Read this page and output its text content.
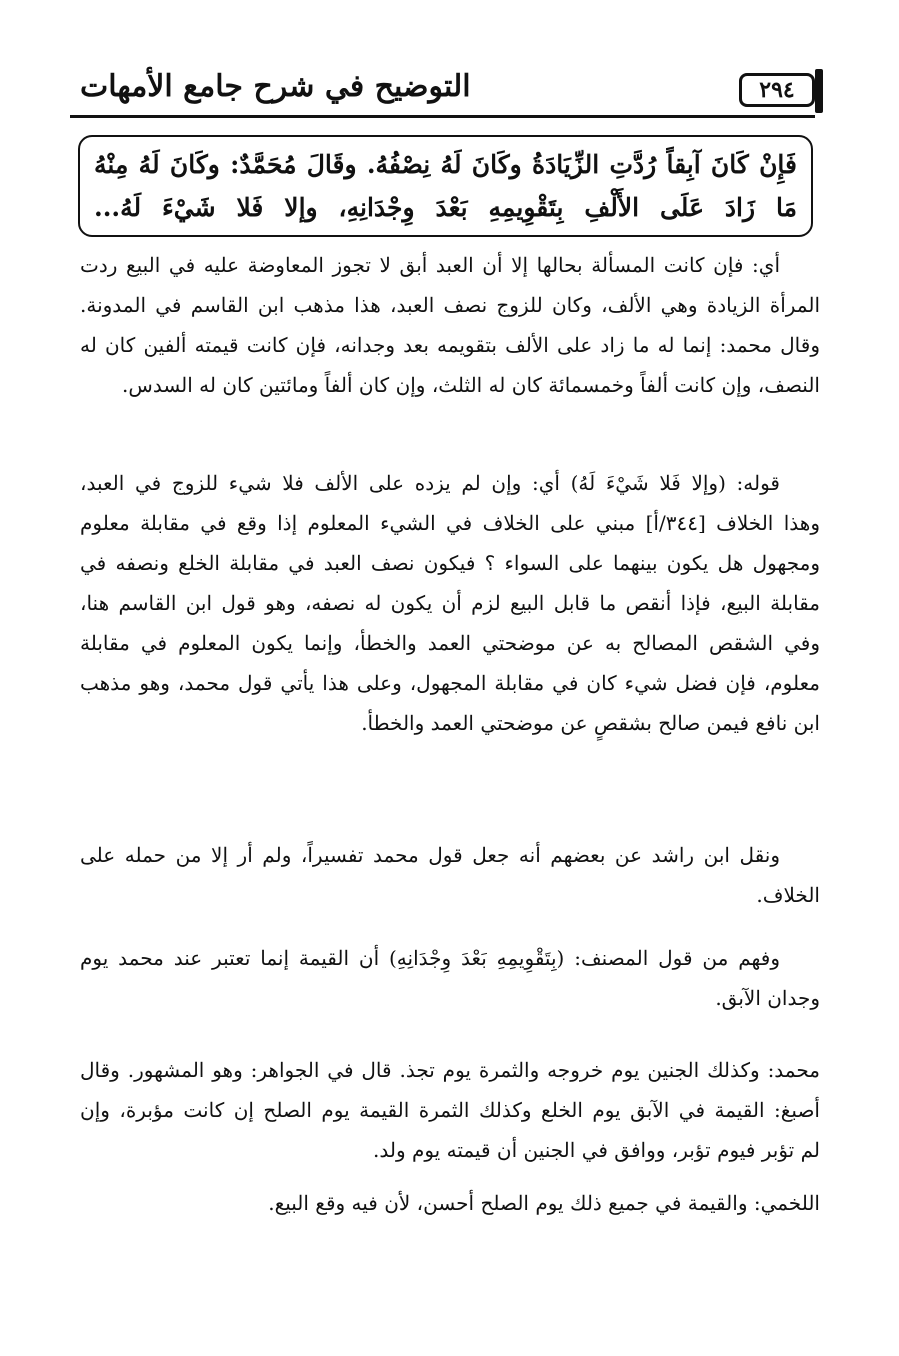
٢٩٤
التوضيح في شرح جامع الأمهات
فَإِنْ كَانَ آبِقاً رُدَّتِ الزِّيَادَةُ وكَانَ لَهُ نِصْفُهُ. وقَالَ مُحَمَّدٌ: وكَانَ لَهُ مِنْهُ
مَا زَادَ عَلَى الأَلْفِ بِتَقْوِيمِهِ بَعْدَ وِجْدَانِهِ، وإلا فَلا شَيْءَ لَهُ...
أي: فإن كانت المسألة بحالها إلا أن العبد أبق لا تجوز المعاوضة عليه في البيع ردت
المرأة الزيادة وهي الألف، وكان للزوج نصف العبد، هذا مذهب ابن القاسم في المدونة.
وقال محمد: إنما له ما زاد على الألف بتقويمه بعد وجدانه، فإن كانت قيمته ألفين كان له
النصف، وإن كانت ألفاً وخمسمائة كان له الثلث، وإن كان ألفاً ومائتين كان له السدس.
قوله: (وإلا فَلا شَيْءَ لَهُ) أي: وإن لم يزده على الألف فلا شيء للزوج في العبد،
وهذا الخلاف [٣٤٤/أ] مبني على الخلاف في الشيء المعلوم إذا وقع في مقابلة معلوم
ومجهول هل يكون بينهما على السواء ؟ فيكون نصف العبد في مقابلة الخلع ونصفه في
مقابلة البيع، فإذا أنقص ما قابل البيع لزم أن يكون له نصفه، وهو قول ابن القاسم هنا،
وفي الشقص المصالح به عن موضحتي العمد والخطأ، وإنما يكون المعلوم في مقابلة
معلوم، فإن فضل شيء كان في مقابلة المجهول، وعلى هذا يأتي قول محمد، وهو مذهب
ابن نافع فيمن صالح بشقصٍ عن موضحتي العمد والخطأ.
ونقل ابن راشد عن بعضهم أنه جعل قول محمد تفسيراً، ولم أر إلا من حمله على
الخلاف.
وفهم من قول المصنف: (بِتَقْوِيمِهِ بَعْدَ وِجْدَانِهِ) أن القيمة إنما تعتبر عند محمد يوم
وجدان الآبق.
محمد: وكذلك الجنين يوم خروجه والثمرة يوم تجذ. قال في الجواهر: وهو المشهور. وقال
أصبغ: القيمة في الآبق يوم الخلع وكذلك الثمرة القيمة يوم الصلح إن كانت مؤبرة، وإن
لم تؤبر فيوم تؤبر، ووافق في الجنين أن قيمته يوم ولد.
اللخمي: والقيمة في جميع ذلك يوم الصلح أحسن، لأن فيه وقع البيع.
